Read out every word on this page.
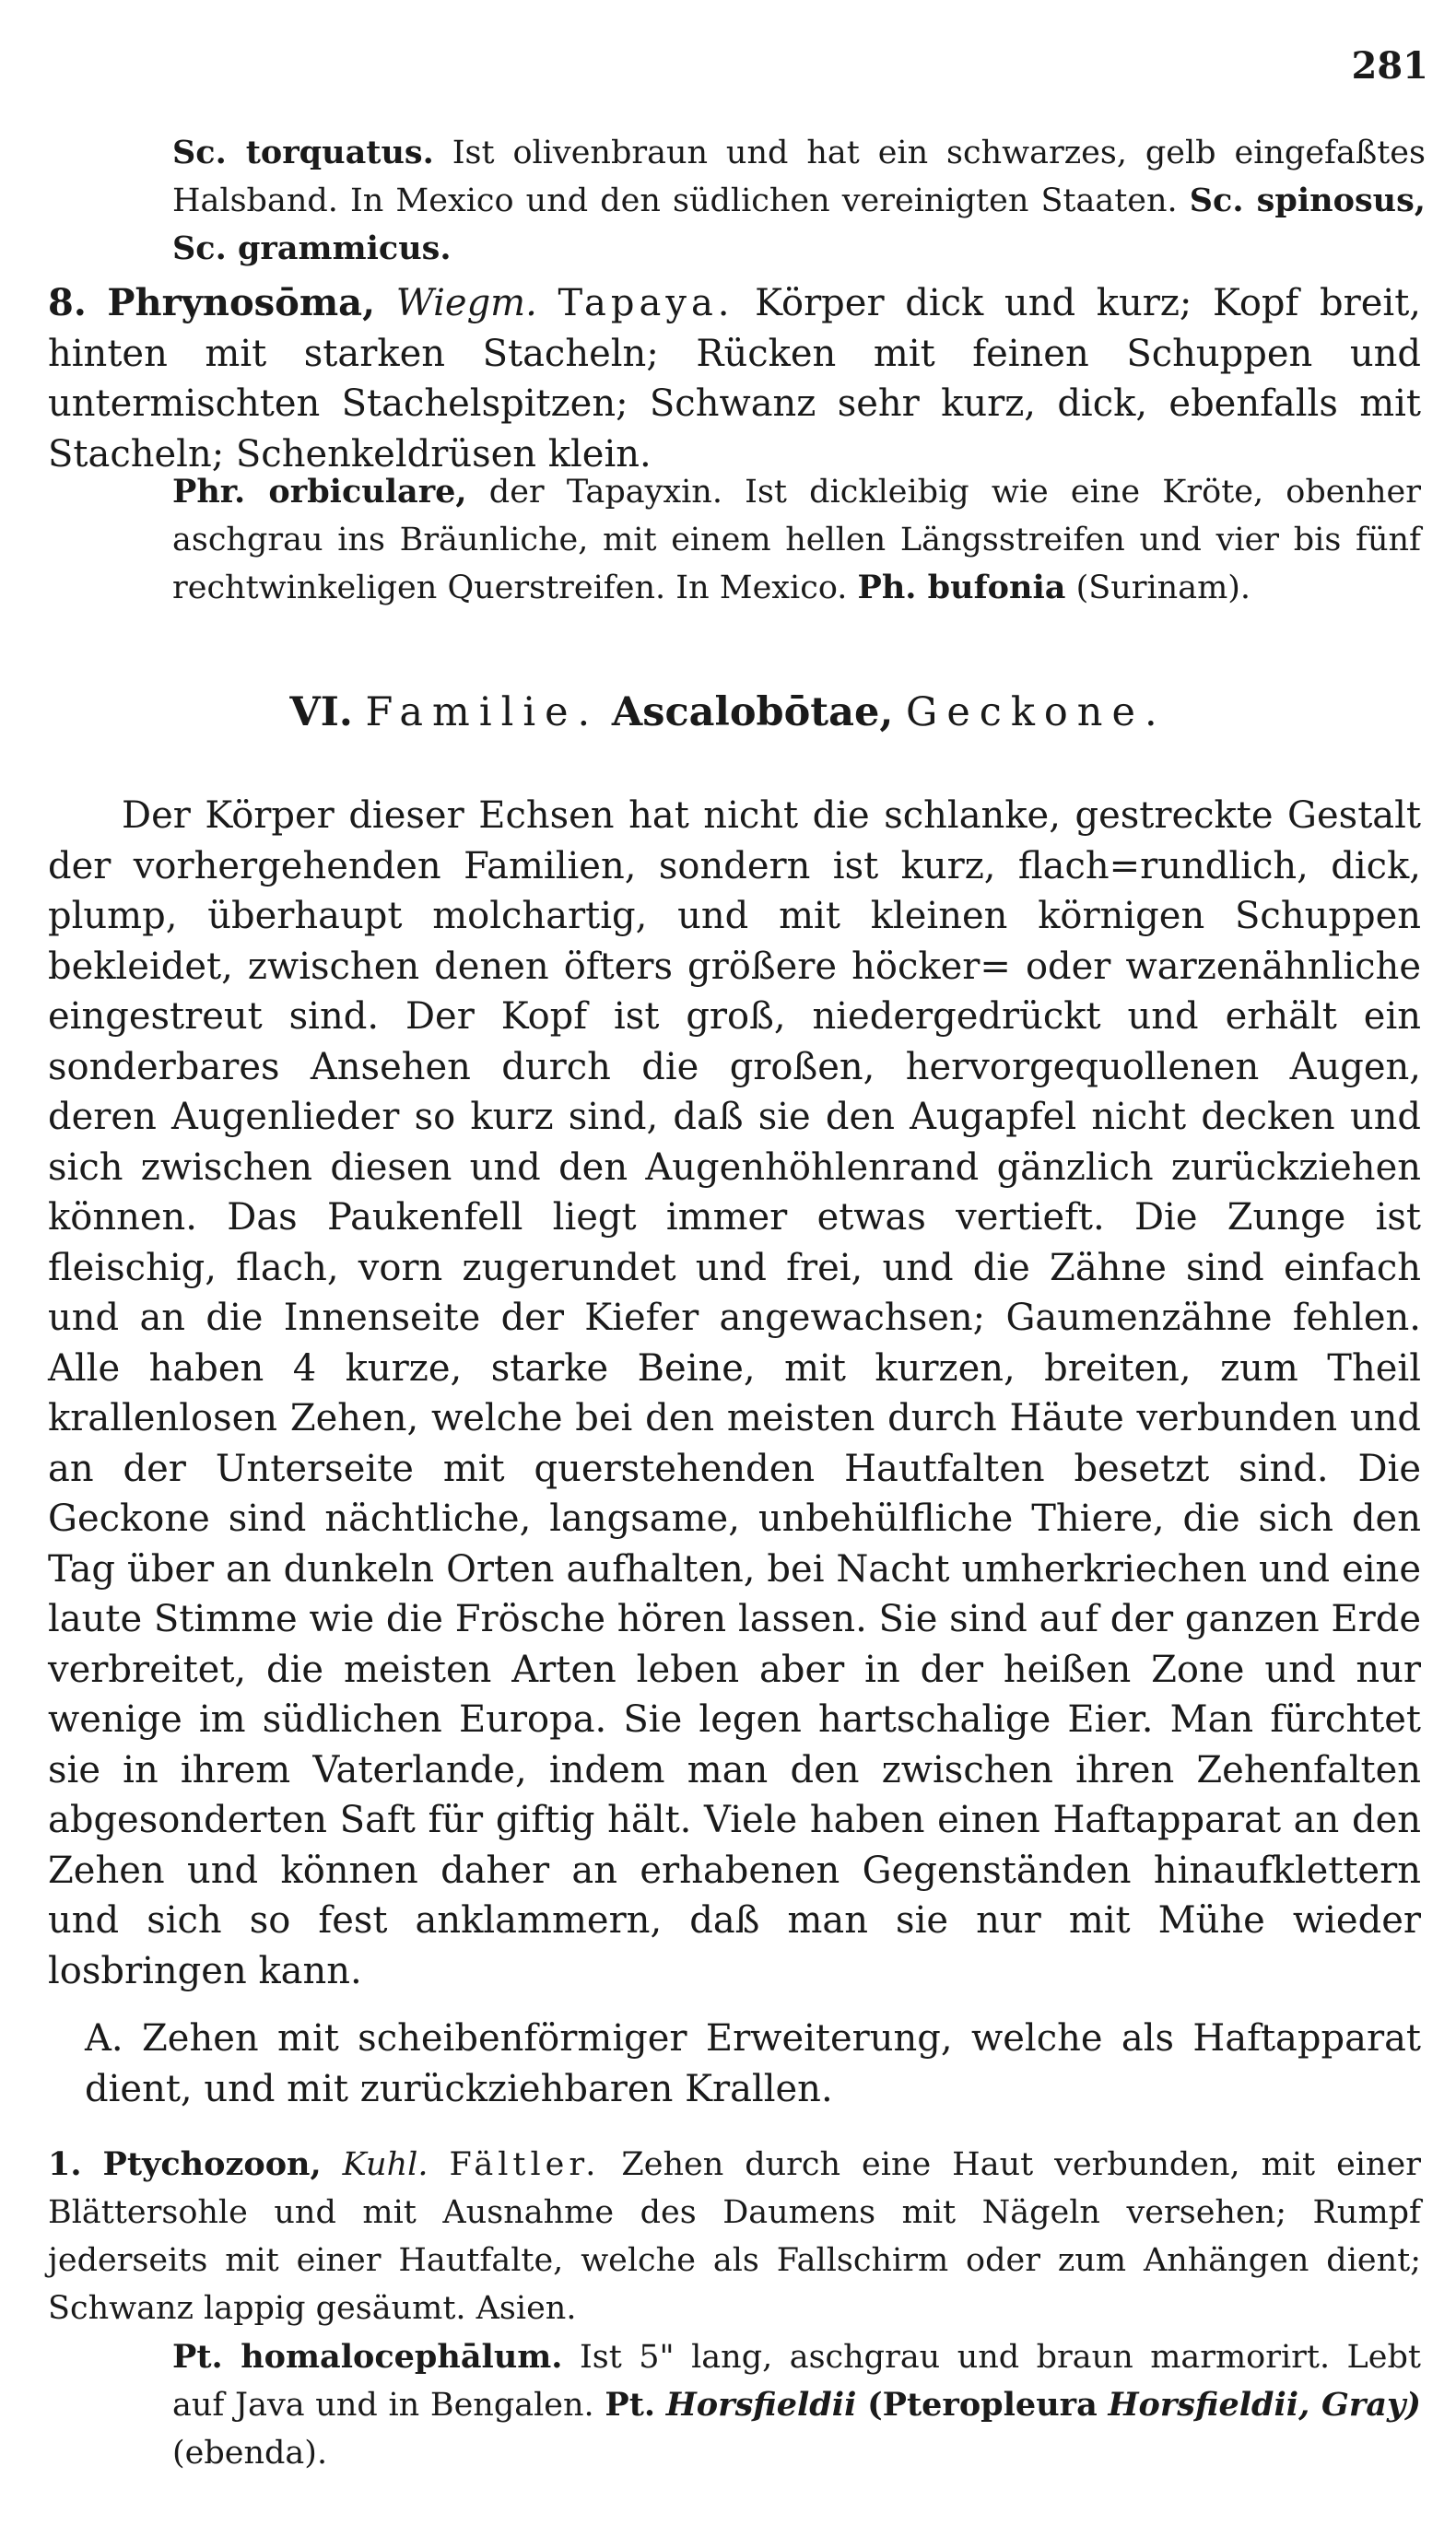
281
Sc. torquatus. Ist olivenbraun und hat ein schwarzes, gelb eingefaßtes Halsband. In Mexico und den südlichen vereinigten Staaten. Sc. spinosus, Sc. grammicus.
8. Phrynosōma, Wiegm. Tapaya. Körper dick und kurz; Kopf breit, hinten mit starken Stacheln; Rücken mit feinen Schuppen und untermischten Stachelspitzen; Schwanz sehr kurz, dick, ebenfalls mit Stacheln; Schenkeldrüsen klein.
Phr. orbiculare, der Tapayxin. Ist dickleibig wie eine Kröte, obenher aschgrau ins Bräunliche, mit einem hellen Längsstreifen und vier bis fünf rechtwinkeligen Querstreifen. In Mexico. Ph. bufonia (Surinam).
VI. Familie. Ascalobōtae, Geckone.
Der Körper dieser Echsen hat nicht die schlanke, gestreckte Gestalt der vorhergehenden Familien, sondern ist kurz, flach=rundlich, dick, plump, überhaupt molchartig, und mit kleinen körnigen Schuppen bekleidet, zwischen denen öfters größere höcker= oder warzenähnliche eingestreut sind. Der Kopf ist groß, niedergedrückt und erhält ein sonderbares Ansehen durch die großen, hervorgequollenen Augen, deren Augenlieder so kurz sind, daß sie den Augapfel nicht decken und sich zwischen diesen und den Augenhöhlenrand gänzlich zurückziehen können. Das Paukenfell liegt immer etwas vertieft. Die Zunge ist fleischig, flach, vorn zugerundet und frei, und die Zähne sind einfach und an die Innenseite der Kiefer angewachsen; Gaumenzähne fehlen. Alle haben 4 kurze, starke Beine, mit kurzen, breiten, zum Theil krallenlosen Zehen, welche bei den meisten durch Häute verbunden und an der Unterseite mit querstehenden Hautfalten besetzt sind. Die Geckone sind nächtliche, langsame, unbehülfliche Thiere, die sich den Tag über an dunkeln Orten aufhalten, bei Nacht umherkriechen und eine laute Stimme wie die Frösche hören lassen. Sie sind auf der ganzen Erde verbreitet, die meisten Arten leben aber in der heißen Zone und nur wenige im südlichen Europa. Sie legen hartschalige Eier. Man fürchtet sie in ihrem Vaterlande, indem man den zwischen ihren Zehenfalten abgesonderten Saft für giftig hält. Viele haben einen Haftapparat an den Zehen und können daher an erhabenen Gegenständen hinaufklettern und sich so fest anklammern, daß man sie nur mit Mühe wieder losbringen kann.
A. Zehen mit scheibenförmiger Erweiterung, welche als Haftapparat dient, und mit zurückziehbaren Krallen.
1. Ptychozoon, Kuhl. Fältler. Zehen durch eine Haut verbunden, mit einer Blättersohle und mit Ausnahme des Daumens mit Nägeln versehen; Rumpf jederseits mit einer Hautfalte, welche als Fallschirm oder zum Anhängen dient; Schwanz lappig gesäumt. Asien.
Pt. homalocephālum. Ist 5" lang, aschgrau und braun marmorirt. Lebt auf Java und in Bengalen. Pt. Horsfieldii (Pteropleura Horsfieldii, Gray) (ebenda).
